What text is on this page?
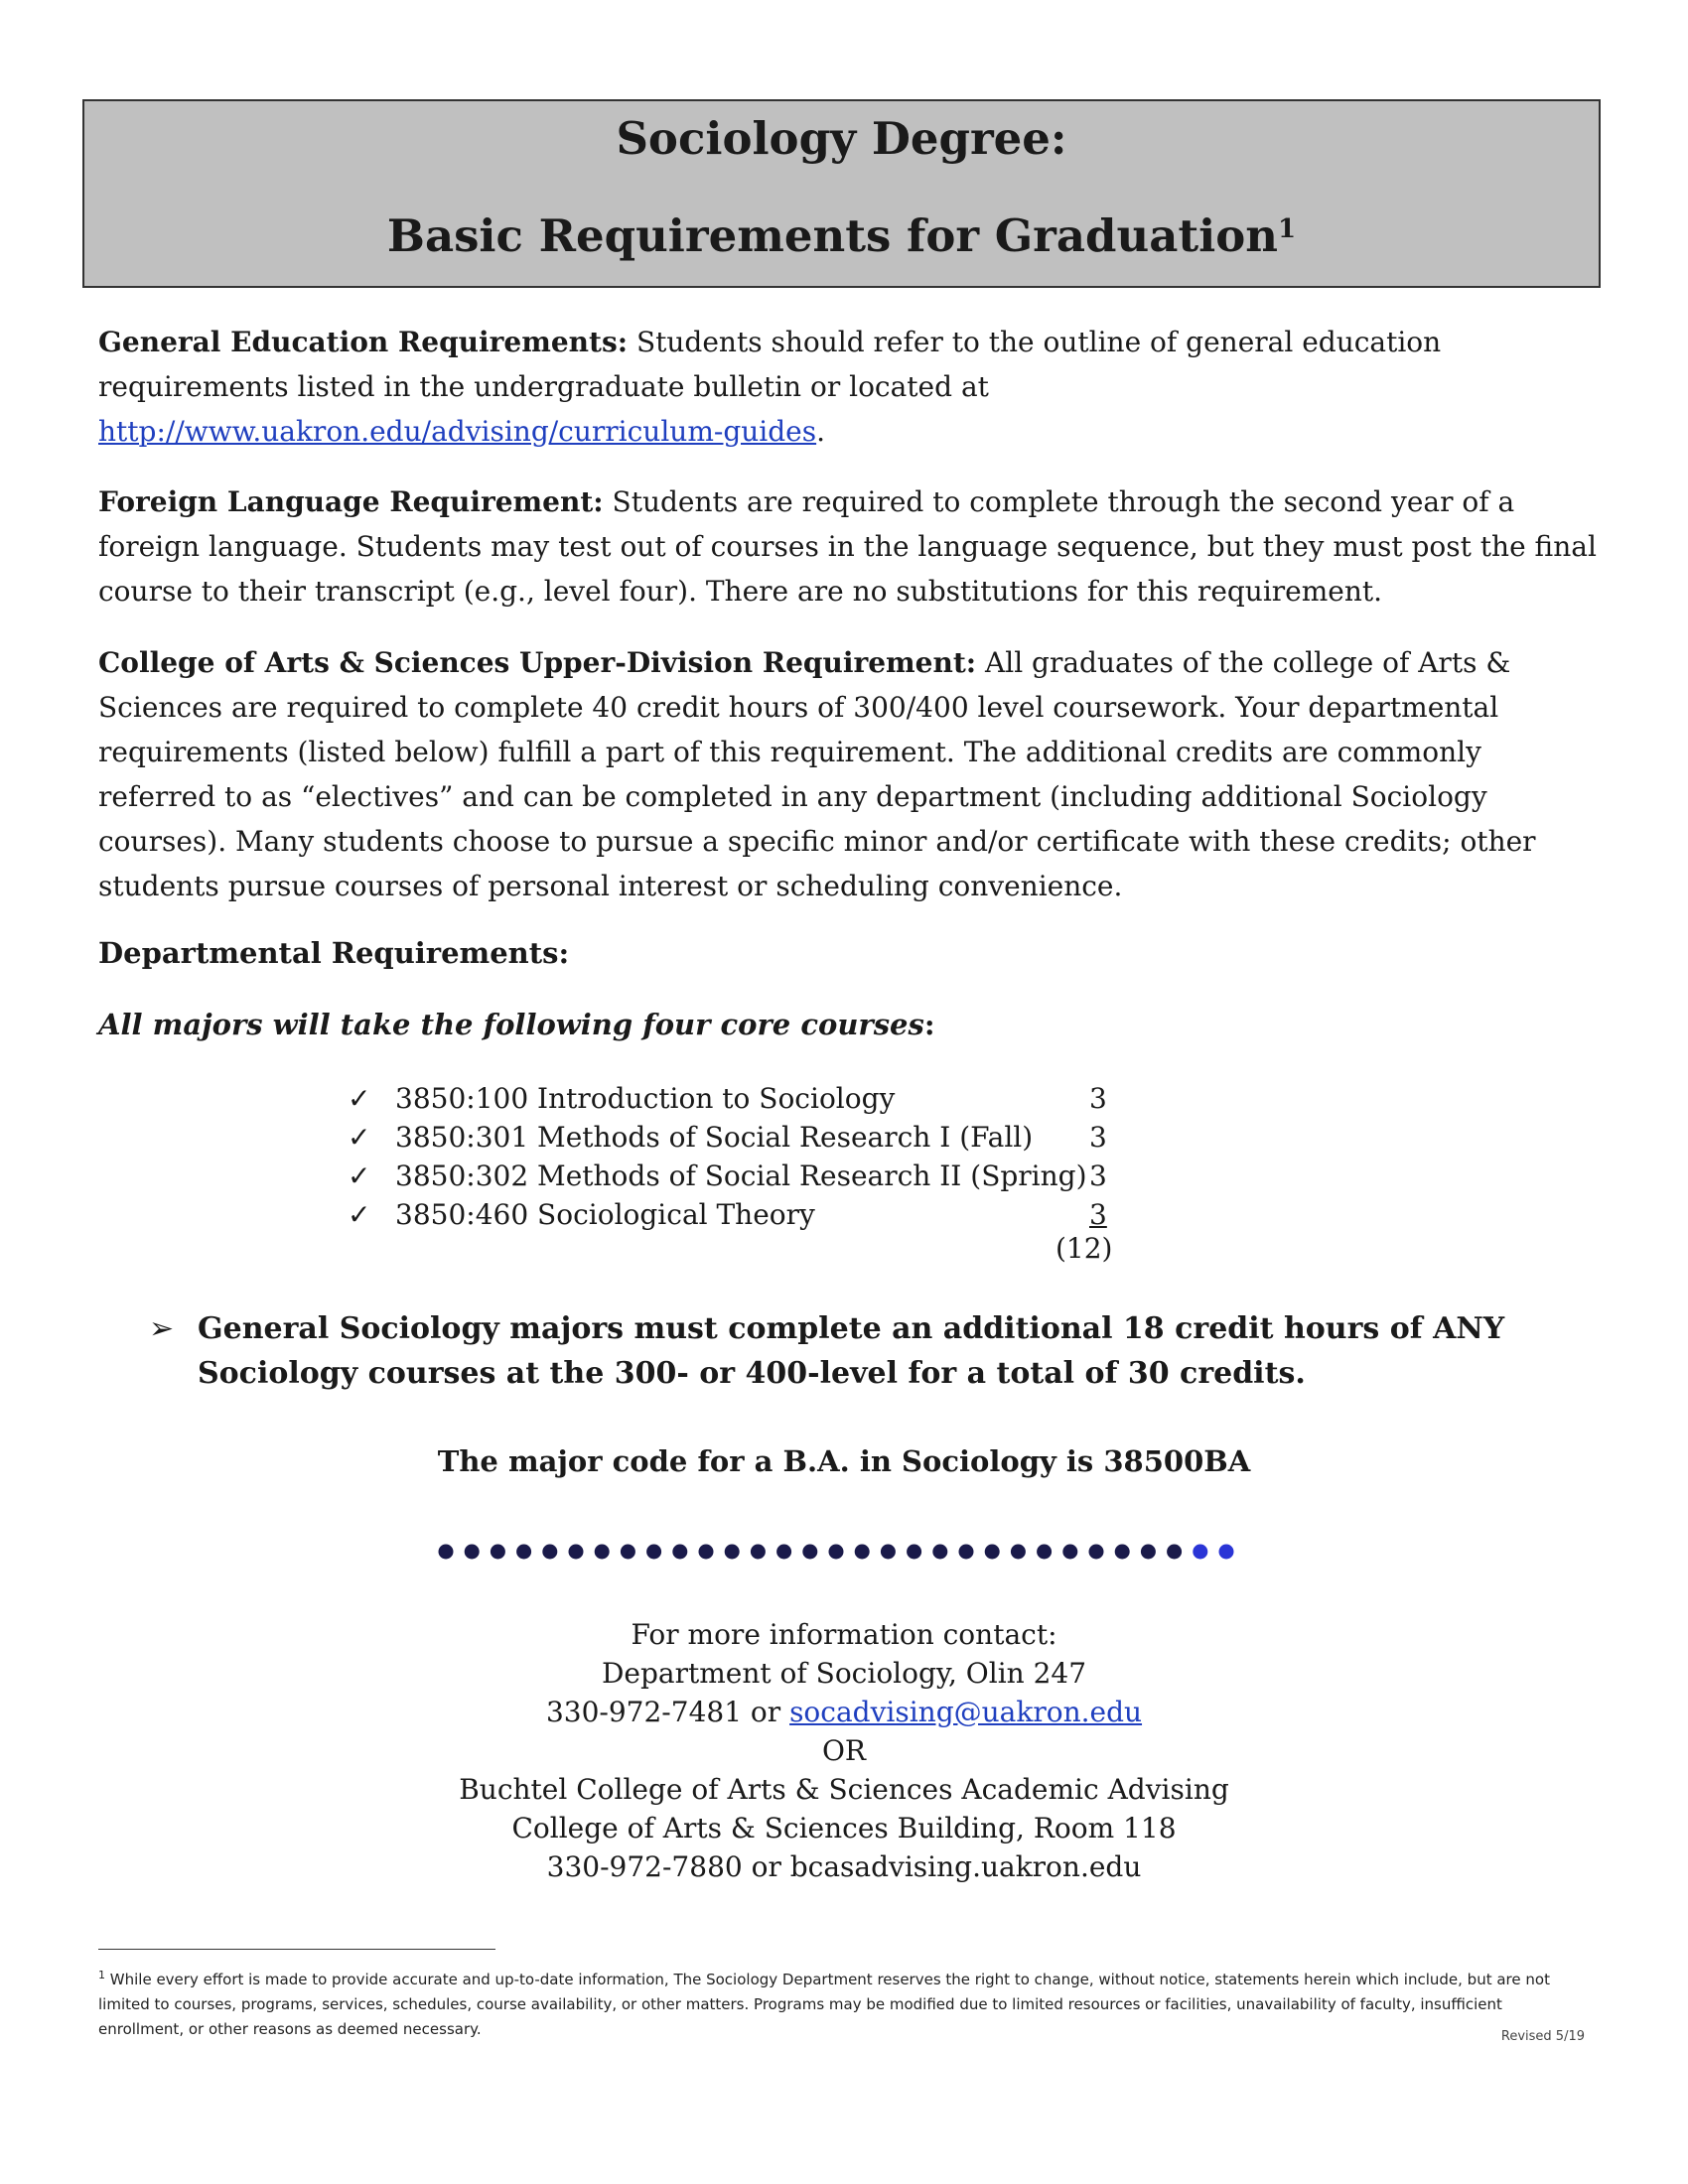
Sociology Degree:
Basic Requirements for Graduation$^1$

General Education Requirements: Students should refer to the outline of general education requirements listed in the undergraduate bulletin or located at http://www.uakron.edu/advising/curriculum-guides.

Foreign Language Requirement: Students are required to complete through the second year of a foreign language. Students may test out of courses in the language sequence, but they must post the final course to their transcript (e.g., level four). There are no substitutions for this requirement.

College of Arts & Sciences Upper-Division Requirement: All graduates of the college of Arts & Sciences are required to complete 40 credit hours of 300/400 level coursework. Your departmental requirements (listed below) fulfill a part of this requirement. The additional credits are commonly referred to as “electives” and can be completed in any department (including additional Sociology courses). Many students choose to pursue a specific minor and/or certificate with these credits; other students pursue courses of personal interest or scheduling convenience.

Departmental Requirements:

All majors will take the following four core courses:

✓ 3850:100 Introduction to Sociology	3
✓ 3850:301 Methods of Social Research I (Fall) 3
✓ 3850:302 Methods of Social Research II (Spring) 3
✓ 3850:460 Sociological Theory	3
(12)
➢ General Sociology majors must complete an additional 18 credit hours of ANY Sociology courses at the 300- or 400-level for a total of 30 credits.
The major code for a B.A. in Sociology is 38500BA
For more information contact:
Department of Sociology, Olin 247
330-972-7481 or socadvising@uakron.edu
OR
Buchtel College of Arts & Sciences Academic Advising
College of Arts & Sciences Building, Room 118
330-972-7880 or bcasadvising.uakron.edu
$^1$ While every effort is made to provide accurate and up-to-date information, The Sociology Department reserves the right to change, without notice, statements herein which include, but are not limited to courses, programs, services, schedules, course availability, or other matters. Programs may be modified due to limited resources or facilities, unavailability of faculty, insufficient enrollment, or other reasons as deemed necessary.	Revised 5/19
